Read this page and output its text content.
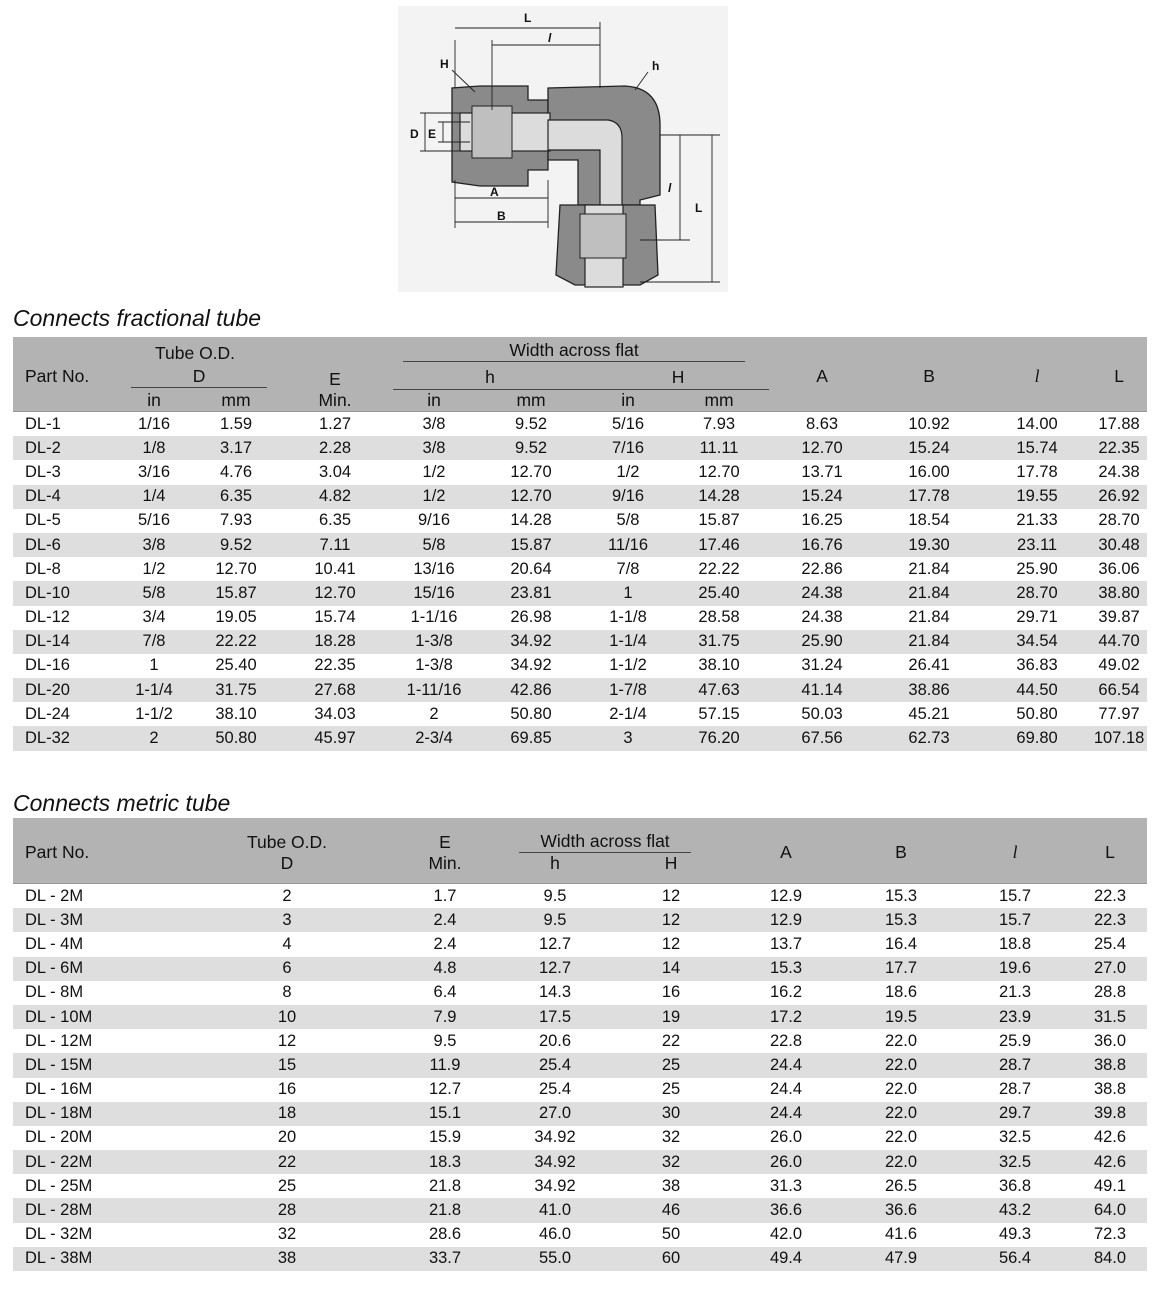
L
l
H	h
D E
A
B
l
L
Connects fractional tube
Part No.	Tube O.D.		E	Width across flat				A	B	l	L

	D			h		H					
	in	mm	Min.	in	mm	in	mm				
DL-1	1/16	1.59	1.27	3/8	9.52	5/16	7.93	8.63	10.92	14.00	17.88
DL-2	1/8	3.17	2.28	3/8	9.52	7/16	11.11	12.70	15.24	15.74	22.35
DL-3	3/16	4.76	3.04	1/2	12.70	1/2	12.70	13.71	16.00	17.78	24.38
DL-4	1/4	6.35	4.82	1/2	12.70	9/16	14.28	15.24	17.78	19.55	26.92
DL-5	5/16	7.93	6.35	9/16	14.28	5/8	15.87	16.25	18.54	21.33	28.70
DL-6	3/8	9.52	7.11	5/8	15.87	11/16	17.46	16.76	19.30	23.11	30.48
DL-8	1/2	12.70	10.41	13/16	20.64	7/8	22.22	22.86	21.84	25.90	36.06
DL-10	5/8	15.87	12.70	15/16	23.81	1	25.40	24.38	21.84	28.70	38.80
DL-12	3/4	19.05	15.74	1-1/16	26.98	1-1/8	28.58	24.38	21.84	29.71	39.87
DL-14	7/8	22.22	18.28	1-3/8	34.92	1-1/4	31.75	25.90	21.84	34.54	44.70
DL-16	1	25.40	22.35	1-3/8	34.92	1-1/2	38.10	31.24	26.41	36.83	49.02
DL-20	1-1/4	31.75	27.68	1-11/16	42.86	1-7/8	47.63	41.14	38.86	44.50	66.54
DL-24	1-1/2	38.10	34.03	2	50.80	2-1/4	57.15	50.03	45.21	50.80	77.97
DL-32	2	50.80	45.97	2-3/4	69.85	3	76.20	67.56	62.73	69.80	107.18
Connects metric tube
Part No.	Tube O.D.	E	Width across flat		A	B	l	L
	D	Min.	h	H				
DL - 2M	2	1.7	9.5	12	12.9	15.3	15.7	22.3
DL - 3M	3	2.4	9.5	12	12.9	15.3	15.7	22.3
DL - 4M	4	2.4	12.7	12	13.7	16.4	18.8	25.4
DL - 6M	6	4.8	12.7	14	15.3	17.7	19.6	27.0
DL - 8M	8	6.4	14.3	16	16.2	18.6	21.3	28.8
DL - 10M	10	7.9	17.5	19	17.2	19.5	23.9	31.5
DL - 12M	12	9.5	20.6	22	22.8	22.0	25.9	36.0
DL - 15M	15	11.9	25.4	25	24.4	22.0	28.7	38.8
DL - 16M	16	12.7	25.4	25	24.4	22.0	28.7	38.8
DL - 18M	18	15.1	27.0	30	24.4	22.0	29.7	39.8
DL - 20M	20	15.9	34.92	32	26.0	22.0	32.5	42.6
DL - 22M	22	18.3	34.92	32	26.0	22.0	32.5	42.6
DL - 25M	25	21.8	34.92	38	31.3	26.5	36.8	49.1
DL - 28M	28	21.8	41.0	46	36.6	36.6	43.2	64.0
DL - 32M	32	28.6	46.0	50	42.0	41.6	49.3	72.3
DL - 38M	38	33.7	55.0	60	49.4	47.9	56.4	84.0
